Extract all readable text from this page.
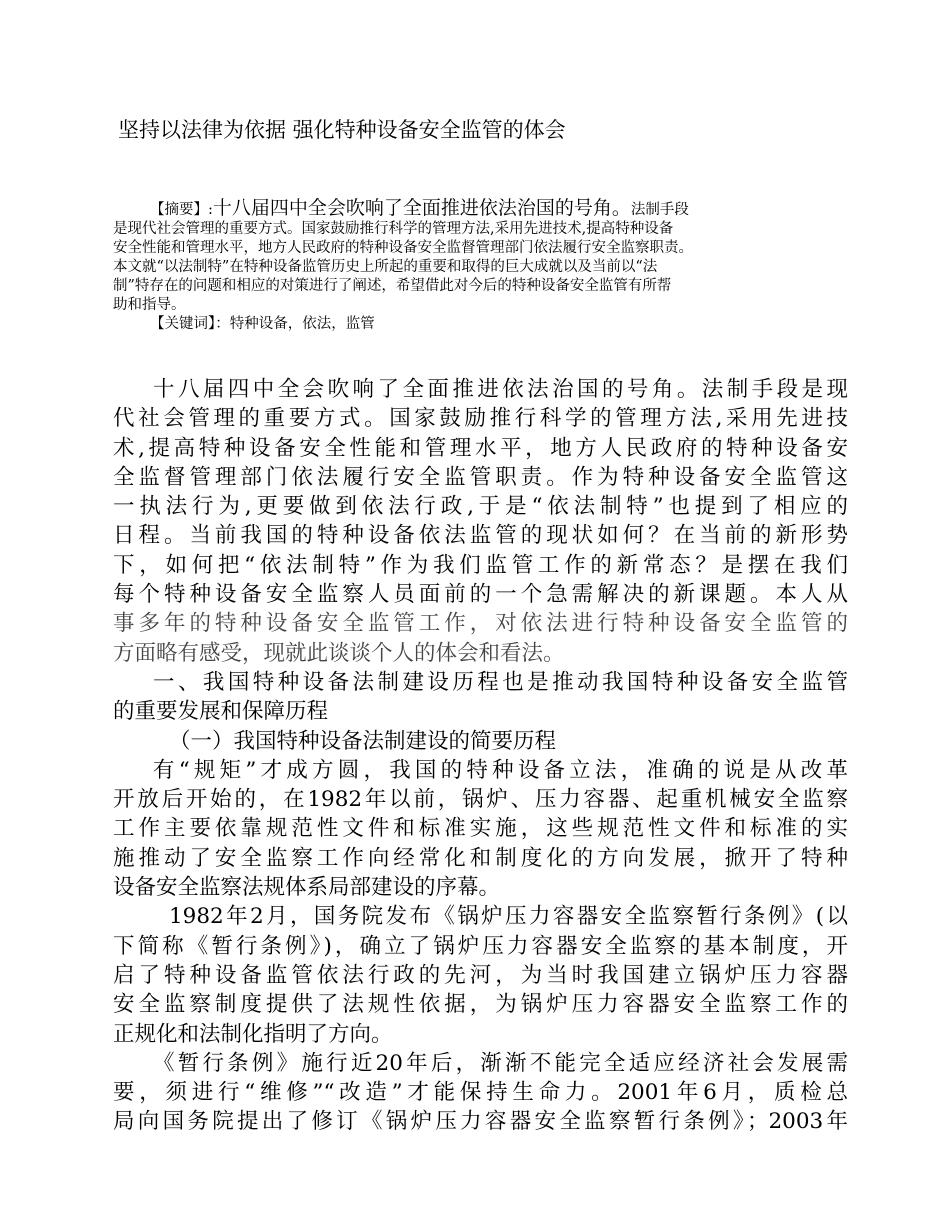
坚持以法律为依据 强化特种设备安全监管的体会
【摘要】:十八届四中全会吹响了全面推进依法治国的号角。法制手段
是现代社会管理的重要方式。国家鼓励推行科学的管理方法,采用先进技术,提高特种设备
安全性能和管理水平，地方人民政府的特种设备安全监督管理部门依法履行安全监察职责。
本文就“以法制特”在特种设备监管历史上所起的重要和取得的巨大成就以及当前以“法
制”特存在的问题和相应的对策进行了阐述，希望借此对今后的特种设备安全监管有所帮
助和指导。
【关键词】：特种设备，依法，监管
十八届四中全会吹响了全面推进依法治国的号角。法制手段是现
代社会管理的重要方式。国家鼓励推行科学的管理方法,采用先进技
术,提高特种设备安全性能和管理水平，地方人民政府的特种设备安
全监督管理部门依法履行安全监管职责。作为特种设备安全监管这
一执法行为,更要做到依法行政,于是“依法制特”也提到了相应的
日程。当前我国的特种设备依法监管的现状如何？在当前的新形势
下，如何把“依法制特”作为我们监管工作的新常态？是摆在我们
每个特种设备安全监察人员面前的一个急需解决的新课题。本人从
事多年的特种设备安全监管工作，对依法进行特种设备安全监管的
方面略有感受，现就此谈谈个人的体会和看法。
一、我国特种设备法制建设历程也是推动我国特种设备安全监管
的重要发展和保障历程
（一）我国特种设备法制建设的简要历程
有“规矩”才成方圆，我国的特种设备立法，准确的说是从改革
开放后开始的，在1982年以前，锅炉、压力容器、起重机械安全监察
工作主要依靠规范性文件和标准实施，这些规范性文件和标准的实
施推动了安全监察工作向经常化和制度化的方向发展，掀开了特种
设备安全监察法规体系局部建设的序幕。
1982年2月，国务院发布《锅炉压力容器安全监察暂行条例》(以
下简称《暂行条例》)，确立了锅炉压力容器安全监察的基本制度，开
启了特种设备监管依法行政的先河，为当时我国建立锅炉压力容器
安全监察制度提供了法规性依据，为锅炉压力容器安全监察工作的
正规化和法制化指明了方向。
《暂行条例》施行近20年后，渐渐不能完全适应经济社会发展需
要，须进行“维修”“改造”才能保持生命力。2001年6月，质检总
局向国务院提出了修订《锅炉压力容器安全监察暂行条例》；2003年
